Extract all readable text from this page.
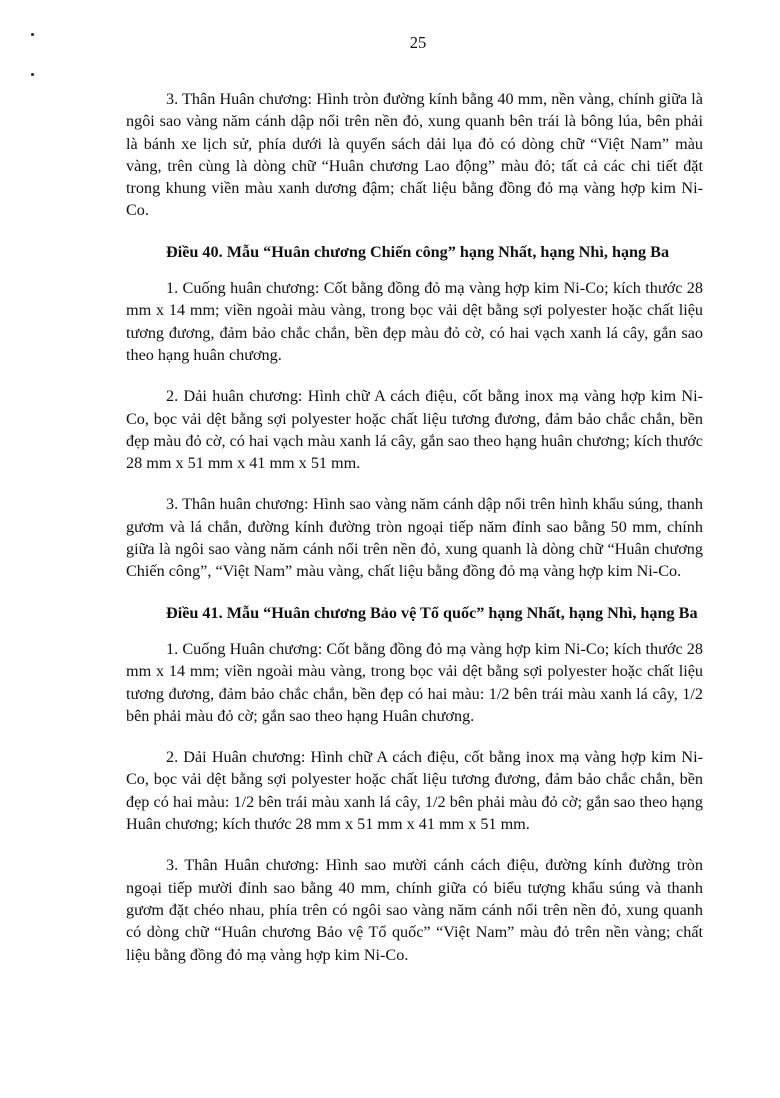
25

3. Thân Huân chương: Hình tròn đường kính bằng 40 mm, nền vàng, chính giữa là ngôi sao vàng năm cánh dập nổi trên nền đỏ, xung quanh bên trái là bông lúa, bên phải là bánh xe lịch sử, phía dưới là quyển sách dải lụa đỏ có dòng chữ “Việt Nam” màu vàng, trên cùng là dòng chữ “Huân chương Lao động” màu đỏ; tất cả các chi tiết đặt trong khung viền màu xanh dương đậm; chất liệu bằng đồng đỏ mạ vàng hợp kim Ni-Co.

Điều 40. Mẫu “Huân chương Chiến công” hạng Nhất, hạng Nhì, hạng Ba

1. Cuống huân chương: Cốt bằng đồng đỏ mạ vàng hợp kim Ni-Co; kích thước 28 mm x 14 mm; viền ngoài màu vàng, trong bọc vải dệt bằng sợi polyester hoặc chất liệu tương đương, đảm bảo chắc chắn, bền đẹp màu đỏ cờ, có hai vạch xanh lá cây, gắn sao theo hạng huân chương.

2. Dải huân chương: Hình chữ A cách điệu, cốt bằng inox mạ vàng hợp kim Ni-Co, bọc vải dệt bằng sợi polyester hoặc chất liệu tương đương, đảm bảo chắc chắn, bền đẹp màu đỏ cờ, có hai vạch màu xanh lá cây, gắn sao theo hạng huân chương; kích thước 28 mm x 51 mm x 41 mm x 51 mm.

3. Thân huân chương: Hình sao vàng năm cánh dập nổi trên hình khẩu súng, thanh gươm và lá chắn, đường kính đường tròn ngoại tiếp năm đỉnh sao bằng 50 mm, chính giữa là ngôi sao vàng năm cánh nổi trên nền đỏ, xung quanh là dòng chữ “Huân chương Chiến công”, “Việt Nam” màu vàng, chất liệu bằng đồng đỏ mạ vàng hợp kim Ni-Co.

Điều 41. Mẫu “Huân chương Bảo vệ Tổ quốc” hạng Nhất, hạng Nhì, hạng Ba

1. Cuống Huân chương: Cốt bằng đồng đỏ mạ vàng hợp kim Ni-Co; kích thước 28 mm x 14 mm; viền ngoài màu vàng, trong bọc vải dệt bằng sợi polyester hoặc chất liệu tương đương, đảm bảo chắc chắn, bền đẹp có hai màu: 1/2 bên trái màu xanh lá cây, 1/2 bên phải màu đỏ cờ; gắn sao theo hạng Huân chương.

2. Dải Huân chương: Hình chữ A cách điệu, cốt bằng inox mạ vàng hợp kim Ni-Co, bọc vải dệt bằng sợi polyester hoặc chất liệu tương đương, đảm bảo chắc chắn, bền đẹp có hai màu: 1/2 bên trái màu xanh lá cây, 1/2 bên phải màu đỏ cờ; gắn sao theo hạng Huân chương; kích thước 28 mm x 51 mm x 41 mm x 51 mm.

3. Thân Huân chương: Hình sao mười cánh cách điệu, đường kính đường tròn ngoại tiếp mười đỉnh sao bằng 40 mm, chính giữa có biểu tượng khẩu súng và thanh gươm đặt chéo nhau, phía trên có ngôi sao vàng năm cánh nổi trên nền đỏ, xung quanh có dòng chữ “Huân chương Bảo vệ Tổ quốc” “Việt Nam” màu đỏ trên nền vàng; chất liệu bằng đồng đỏ mạ vàng hợp kim Ni-Co.
